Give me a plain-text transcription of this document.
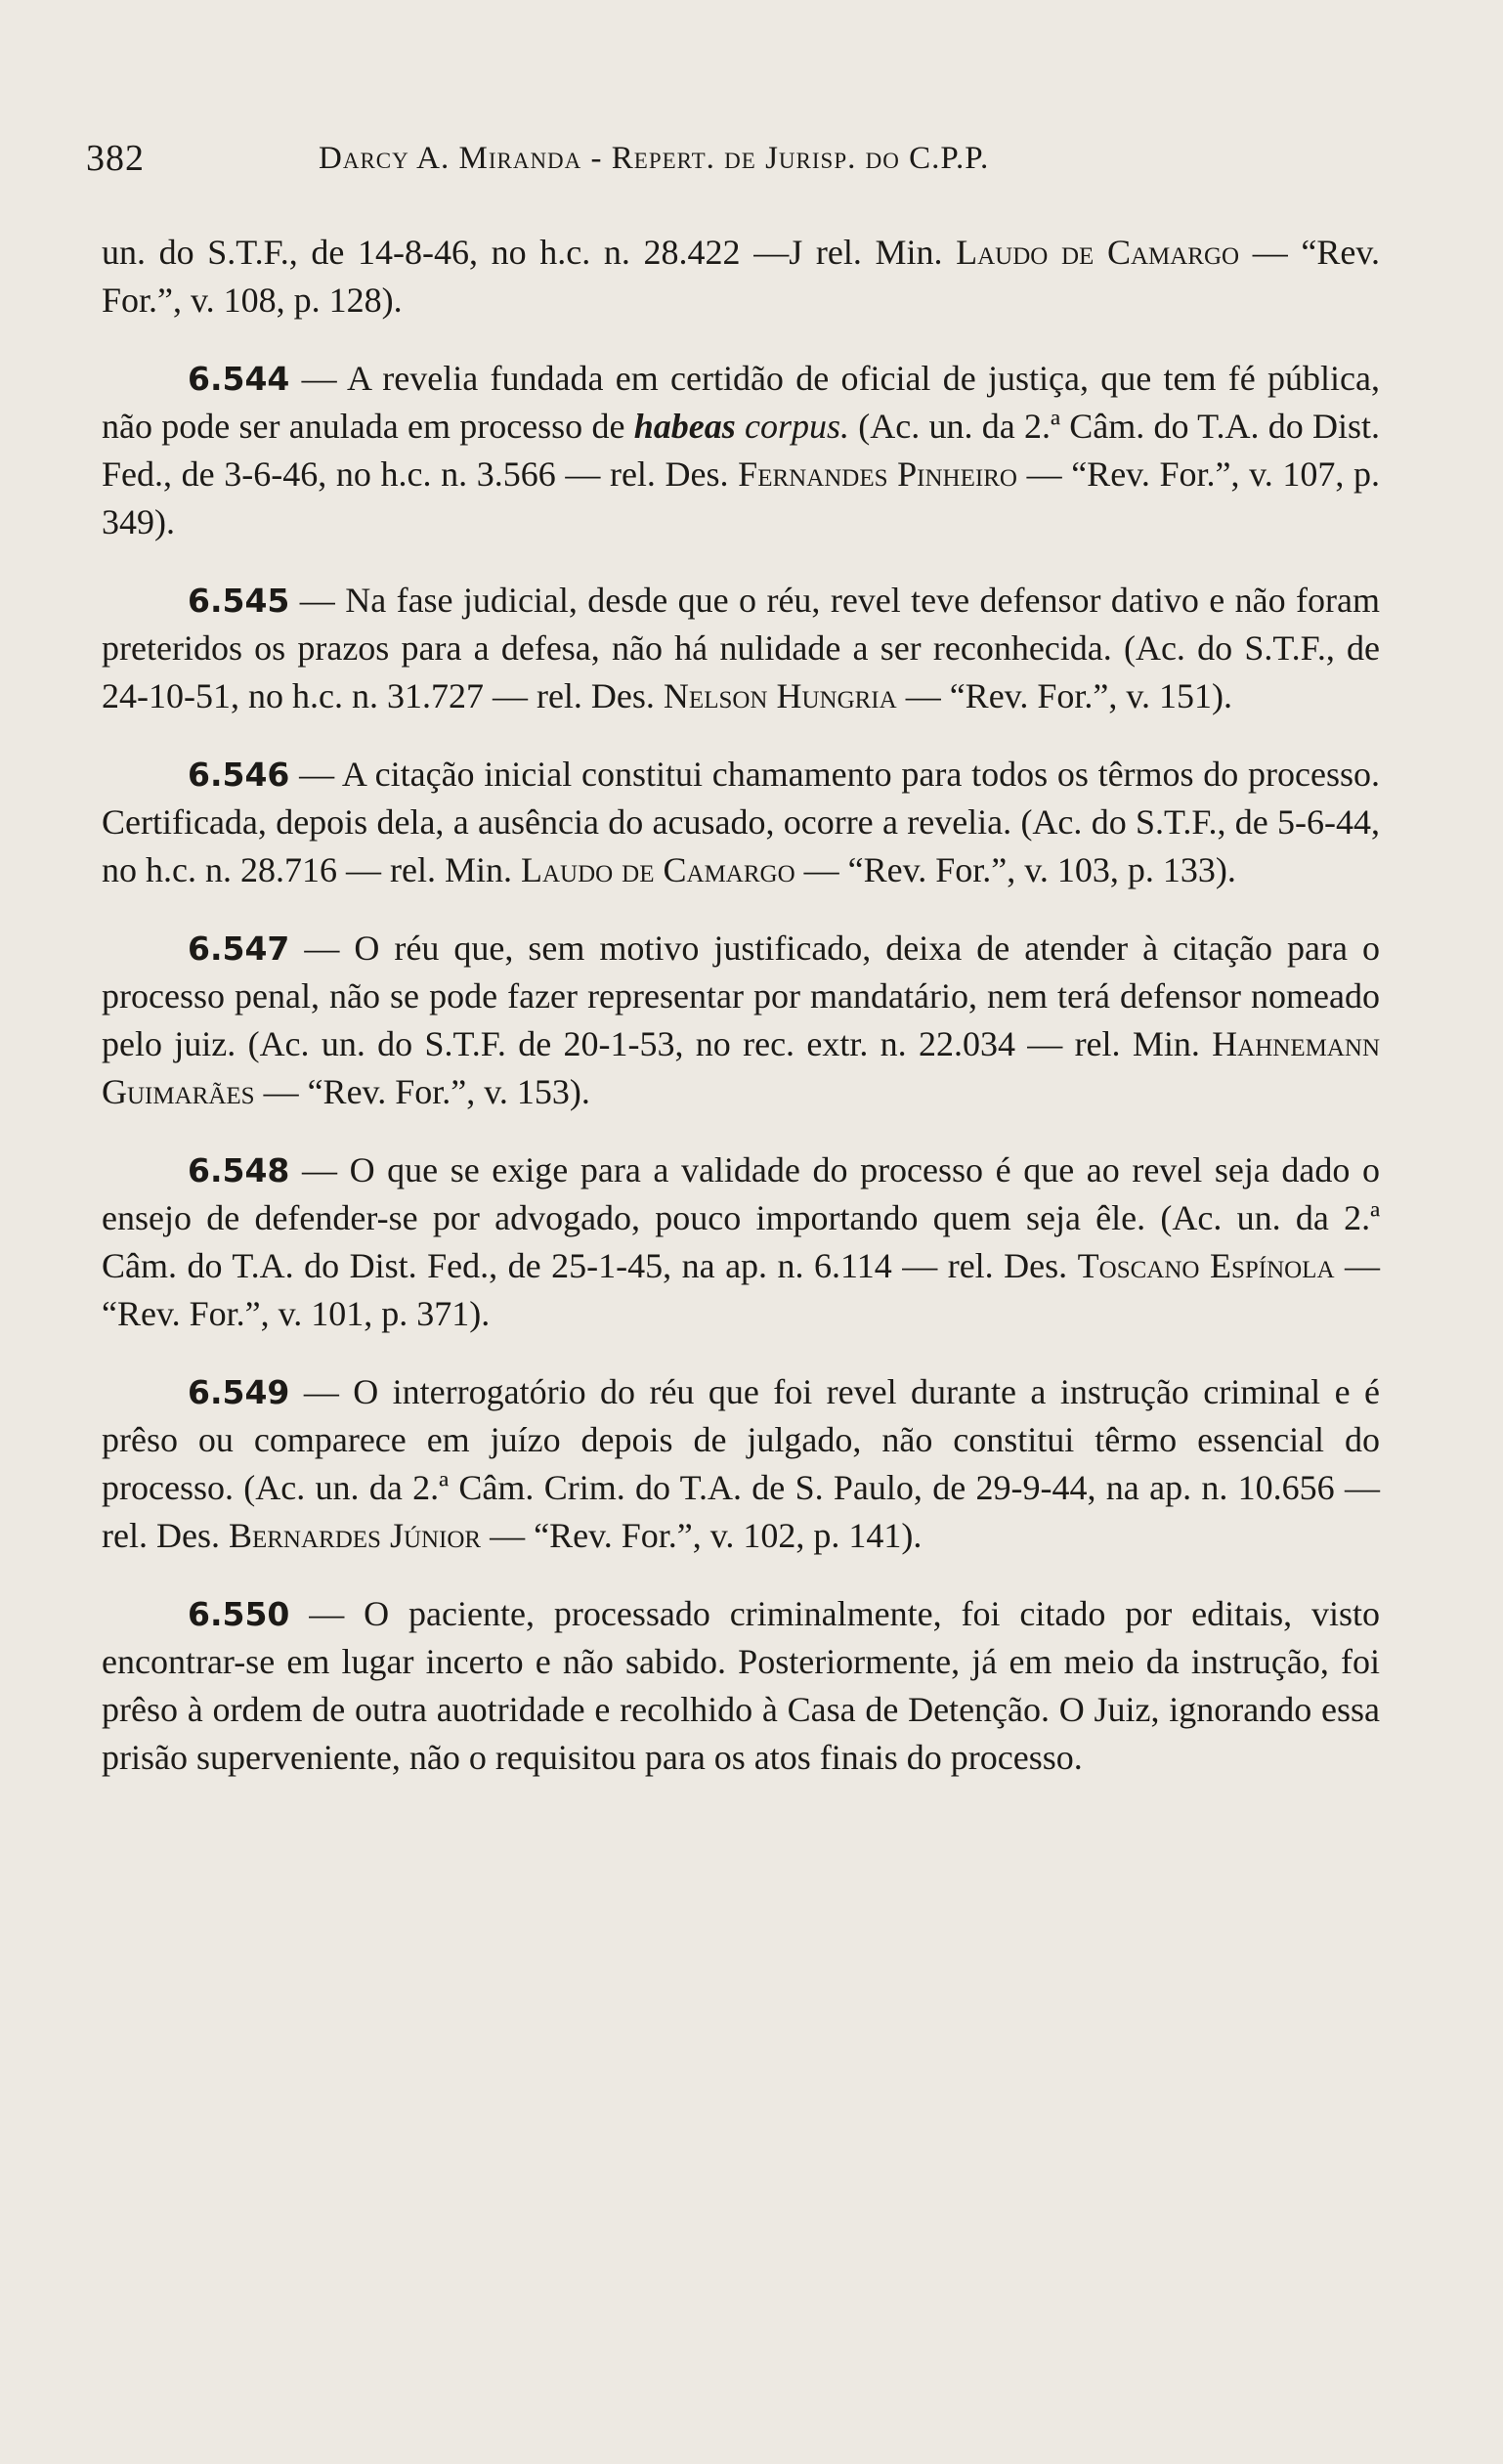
382	Darcy A. Miranda - Repert. de Jurisp. do C.P.P.

un. do S.T.F., de 14-8-46, no h.c. n. 28.422 —J rel. Min. Laudo de Camargo — “Rev. For.”, v. 108, p. 128).

6.544 — A revelia fundada em certidão de oficial de justiça, que tem fé pública, não pode ser anulada em processo de habeas corpus. (Ac. un. da 2.ª Câm. do T.A. do Dist. Fed., de 3-6-46, no h.c. n. 3.566 — rel. Des. Fernandes Pinheiro — “Rev. For.”, v. 107, p. 349).

6.545 — Na fase judicial, desde que o réu, revel teve defensor dativo e não foram preteridos os prazos para a defesa, não há nulidade a ser reconhecida. (Ac. do S.T.F., de 24-10-51, no h.c. n. 31.727 — rel. Des. Nelson Hungria — “Rev. For.”, v. 151).

6.546 — A citação inicial constitui chamamento para todos os têrmos do processo. Certificada, depois dela, a ausência do acusado, ocorre a revelia. (Ac. do S.T.F., de 5-6-44, no h.c. n. 28.716 — rel. Min. Laudo de Camargo — “Rev. For.”, v. 103, p. 133).

6.547 — O réu que, sem motivo justificado, deixa de atender à citação para o processo penal, não se pode fazer representar por mandatário, nem terá defensor nomeado pelo juiz. (Ac. un. do S.T.F. de 20-1-53, no rec. extr. n. 22.034 — rel. Min. Hahnemann Guimarães — “Rev. For.”, v. 153).

6.548 — O que se exige para a validade do processo é que ao revel seja dado o ensejo de defender-se por advogado, pouco importando quem seja êle. (Ac. un. da 2.ª Câm. do T.A. do Dist. Fed., de 25-1-45, na ap. n. 6.114 — rel. Des. Toscano Espínola — “Rev. For.”, v. 101, p. 371).

6.549 — O interrogatório do réu que foi revel durante a instrução criminal e é prêso ou comparece em juízo depois de julgado, não constitui têrmo essencial do processo. (Ac. un. da 2.ª Câm. Crim. do T.A. de S. Paulo, de 29-9-44, na ap. n. 10.656 — rel. Des. Bernardes Júnior — “Rev. For.”, v. 102, p. 141).

6.550 — O paciente, processado criminalmente, foi citado por editais, visto encontrar-se em lugar incerto e não sabido. Posteriormente, já em meio da instrução, foi prêso à ordem de outra auotridade e recolhido à Casa de Detenção. O Juiz, ignorando essa prisão superveniente, não o requisitou para os atos finais do processo.
